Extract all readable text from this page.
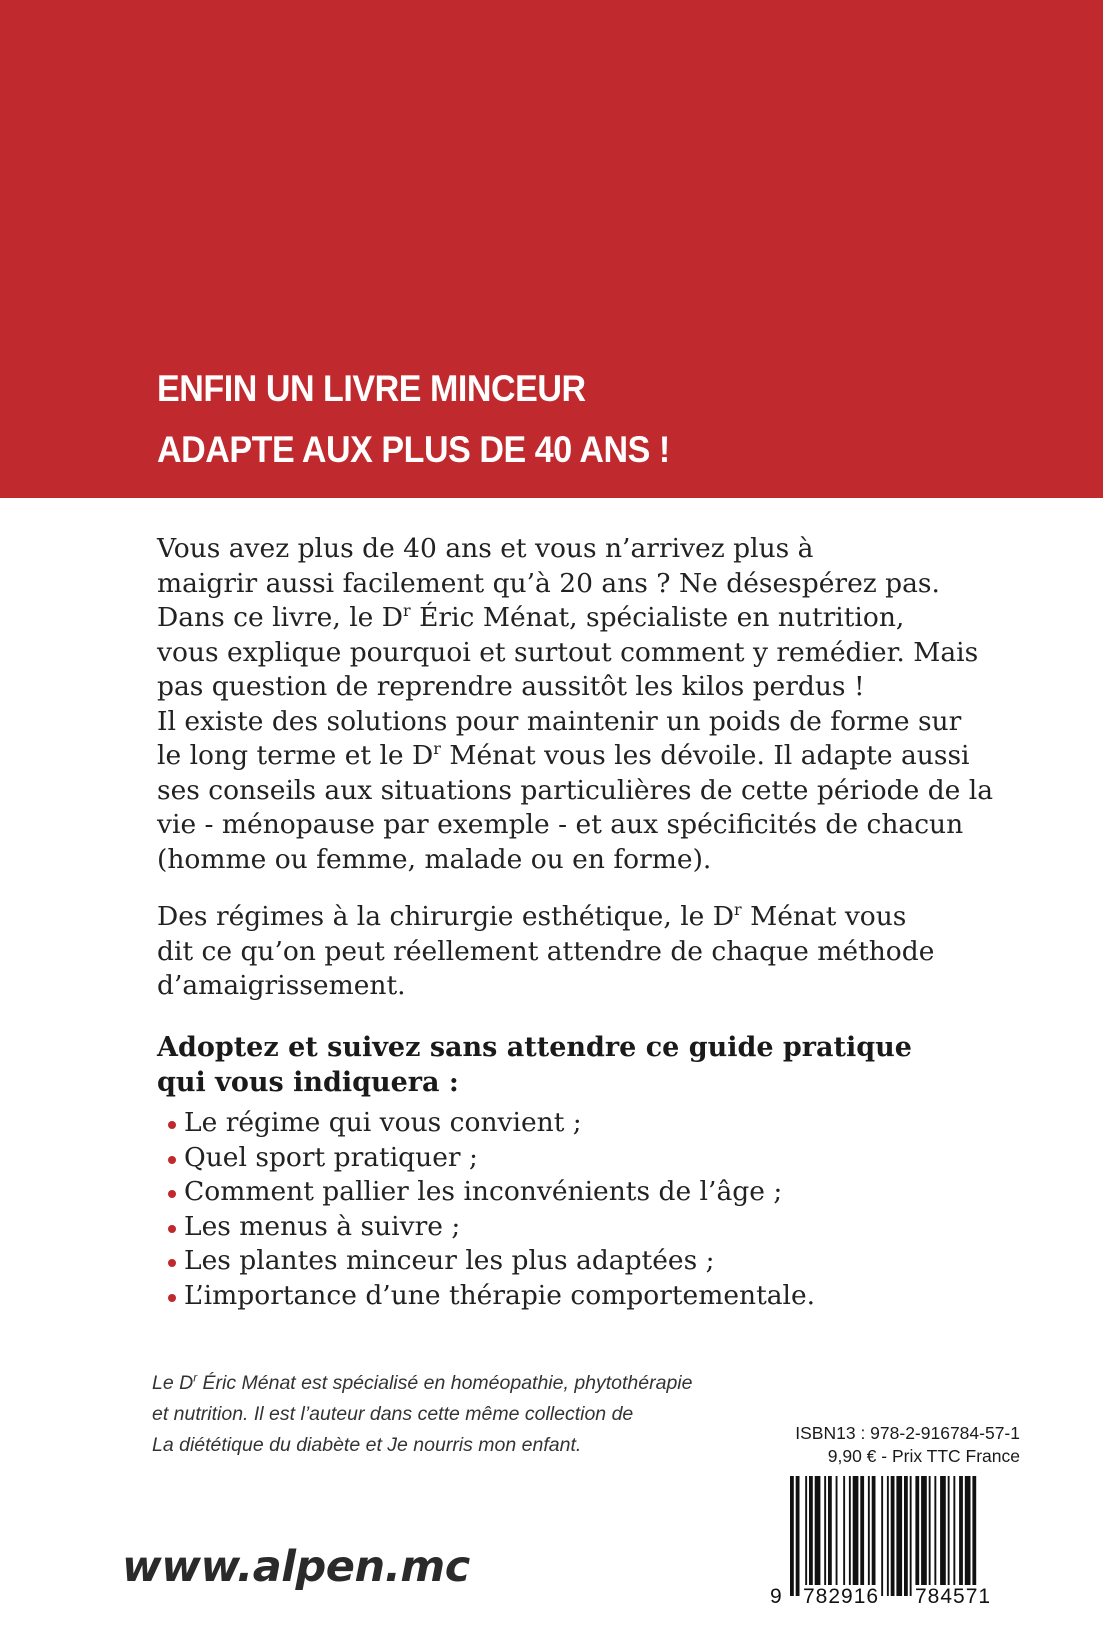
ENFIN UN LIVRE MINCEUR
ADAPTE AUX PLUS DE 40 ANS !
Vous avez plus de 40 ans et vous n’arrivez plus à
maigrir aussi facilement qu’à 20 ans ? Ne désespérez pas.
Dans ce livre, le $D^r$ Éric Ménat, spécialiste en nutrition,
vous explique pourquoi et surtout comment y remédier. Mais
pas question de reprendre aussitôt les kilos perdus !
Il existe des solutions pour maintenir un poids de forme sur
le long terme et le $D^r$ Ménat vous les dévoile. Il adapte aussi
ses conseils aux situations particulières de cette période de la
vie - ménopause par exemple - et aux spécificités de chacun
(homme ou femme, malade ou en forme).
Des régimes à la chirurgie esthétique, le $D^r$ Ménat vous
dit ce qu’on peut réellement attendre de chaque méthode
d’amaigrissement.
Adoptez et suivez sans attendre ce guide pratique
qui vous indiquera :
Le régime qui vous convient ;
Quel sport pratiquer ;
Comment pallier les inconvénients de l’âge ;
Les menus à suivre ;
Les plantes minceur les plus adaptées ;
L’importance d’une thérapie comportementale.
Le $D^r$ Éric Ménat est spécialisé en homéopathie, phytothérapie
et nutrition. Il est l’auteur dans cette même collection de
La diététique du diabète et Je nourris mon enfant.
ISBN13 : 978-2-916784-57-1
9,90 € - Prix TTC France
9 782916 784571
www.alpen.mc
